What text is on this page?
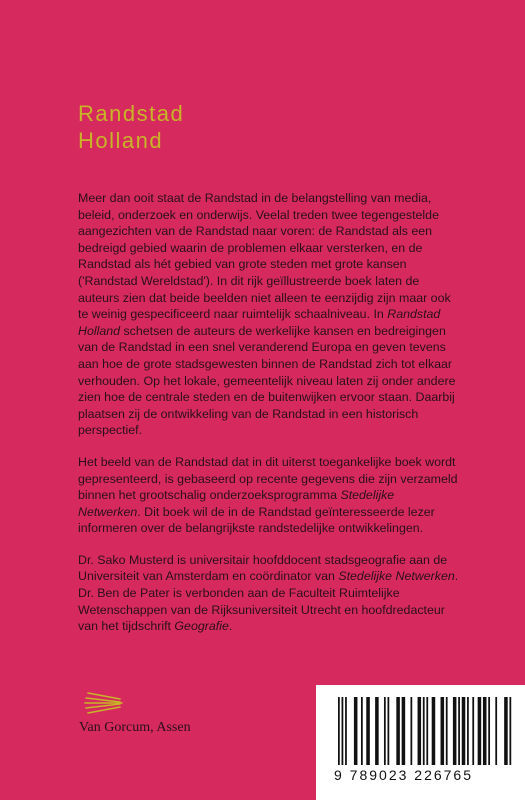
Randstad
Holland

Meer dan ooit staat de Randstad in de belangstelling van media, beleid, onderzoek en onderwijs. Veelal treden twee tegengestelde aangezichten van de Randstad naar voren: de Randstad als een bedreigd gebied waarin de problemen elkaar versterken, en de Randstad als hét gebied van grote steden met grote kansen ('Randstad Wereldstad'). In dit rijk geïllustreerde boek laten de auteurs zien dat beide beelden niet alleen te eenzijdig zijn maar ook te weinig gespecificeerd naar ruimtelijk schaalniveau. In Randstad Holland schetsen de auteurs de werkelijke kansen en bedreigingen van de Randstad in een snel veranderend Europa en geven tevens aan hoe de grote stadsgewesten binnen de Randstad zich tot elkaar verhouden. Op het lokale, gemeentelijk niveau laten zij onder andere zien hoe de centrale steden en de buitenwijken ervoor staan. Daarbij plaatsen zij de ontwikkeling van de Randstad in een historisch perspectief.

Het beeld van de Randstad dat in dit uiterst toegankelijke boek wordt gepresenteerd, is gebaseerd op recente gegevens die zijn verzameld binnen het grootschalig onderzoeksprogramma Stedelijke Netwerken. Dit boek wil de in de Randstad geïnteresseerde lezer informeren over de belangrijkste randstedelijke ontwikkelingen.

Dr. Sako Musterd is universitair hoofddocent stadsgeografie aan de Universiteit van Amsterdam en coördinator van Stedelijke Netwerken.
Dr. Ben de Pater is verbonden aan de Faculteit Ruimtelijke Wetenschappen van de Rijksuniversiteit Utrecht en hoofdredacteur van het tijdschrift Geografie.

Van Gorcum, Assen
9 789023 226765
